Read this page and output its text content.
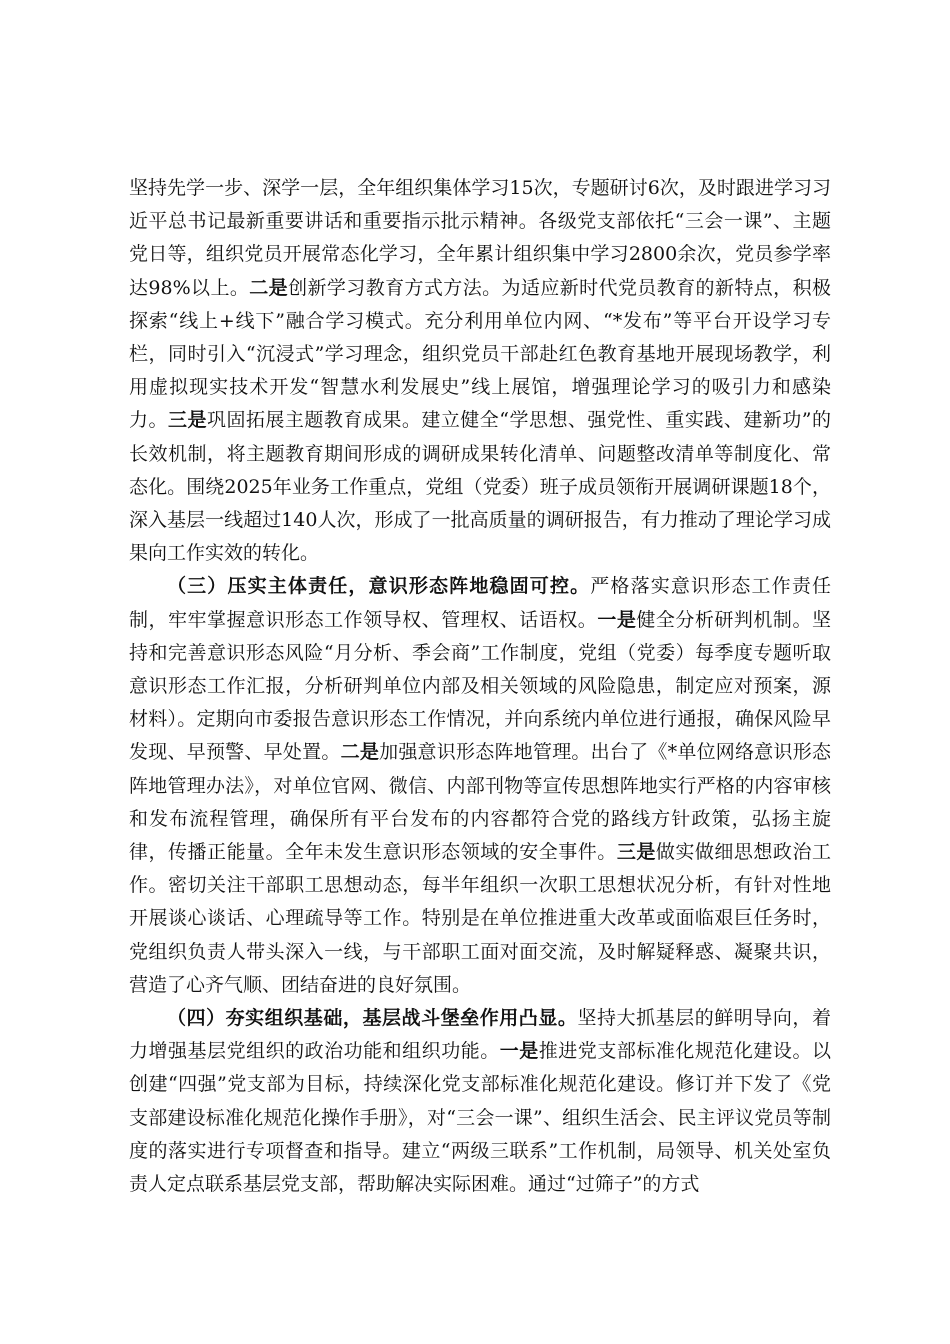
坚持先学一步、深学一层，全年组织集体学习15次，专题研讨6次，及时跟进学习习近平总书记最新重要讲话和重要指示批示精神。各级党支部依托“三会一课”、主题党日等，组织党员开展常态化学习，全年累计组织集中学习2800余次，党员参学率达98%以上。二是创新学习教育方式方法。为适应新时代党员教育的新特点，积极探索“线上+线下”融合学习模式。充分利用单位内网、“*发布”等平台开设学习专栏，同时引入“沉浸式”学习理念，组织党员干部赴红色教育基地开展现场教学，利用虚拟现实技术开发“智慧水利发展史”线上展馆，增强理论学习的吸引力和感染力。三是巩固拓展主题教育成果。建立健全“学思想、强党性、重实践、建新功”的长效机制，将主题教育期间形成的调研成果转化清单、问题整改清单等制度化、常态化。围绕2025年业务工作重点，党组（党委）班子成员领衔开展调研课题18个，深入基层一线超过140人次，形成了一批高质量的调研报告，有力推动了理论学习成果向工作实效的转化。

（三）压实主体责任，意识形态阵地稳固可控。严格落实意识形态工作责任制，牢牢掌握意识形态工作领导权、管理权、话语权。一是健全分析研判机制。坚持和完善意识形态风险“月分析、季会商”工作制度，党组（党委）每季度专题听取意识形态工作汇报，分析研判单位内部及相关领域的风险隐患，制定应对预案，源材料）。定期向市委报告意识形态工作情况，并向系统内单位进行通报，确保风险早发现、早预警、早处置。二是加强意识形态阵地管理。出台了《*单位网络意识形态阵地管理办法》，对单位官网、微信、内部刊物等宣传思想阵地实行严格的内容审核和发布流程管理，确保所有平台发布的内容都符合党的路线方针政策，弘扬主旋律，传播正能量。全年未发生意识形态领域的安全事件。三是做实做细思想政治工作。密切关注干部职工思想动态，每半年组织一次职工思想状况分析，有针对性地开展谈心谈话、心理疏导等工作。特别是在单位推进重大改革或面临艰巨任务时，党组织负责人带头深入一线，与干部职工面对面交流，及时解疑释惑、凝聚共识，营造了心齐气顺、团结奋进的良好氛围。

（四）夯实组织基础，基层战斗堡垒作用凸显。坚持大抓基层的鲜明导向，着力增强基层党组织的政治功能和组织功能。一是推进党支部标准化规范化建设。以创建“四强”党支部为目标，持续深化党支部标准化规范化建设。修订并下发了《党支部建设标准化规范化操作手册》，对“三会一课”、组织生活会、民主评议党员等制度的落实进行专项督查和指导。建立“两级三联系”工作机制，局领导、机关处室负责人定点联系基层党支部，帮助解决实际困难。通过“过筛子”的方式
